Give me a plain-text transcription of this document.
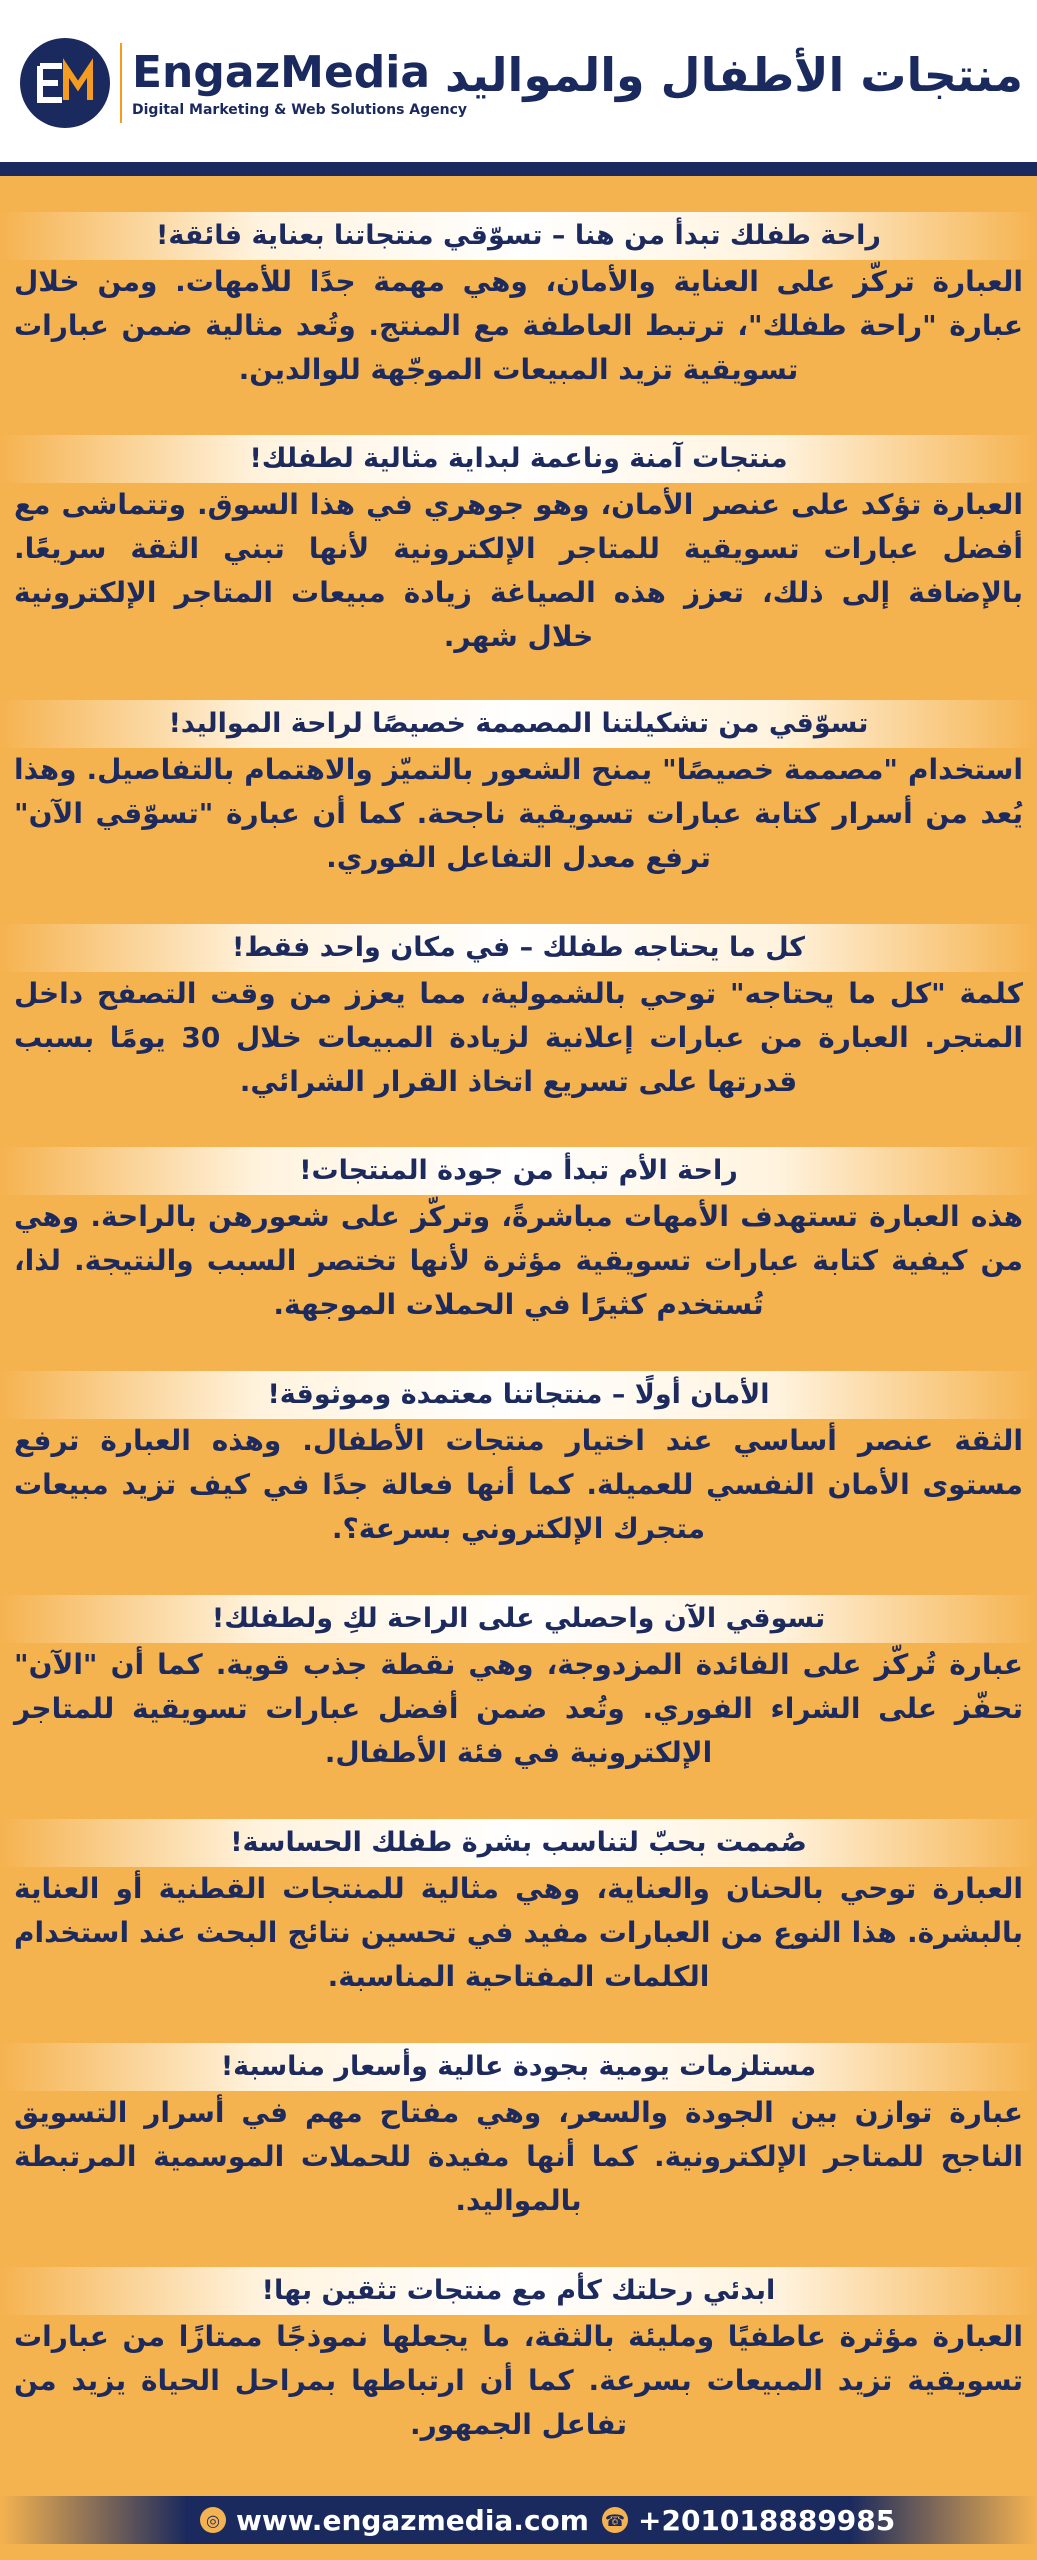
EngazMedia
Digital Marketing & Web Solutions Agency
منتجات الأطفال والمواليد
راحة طفلك تبدأ من هنا – تسوّقي منتجاتنا بعناية فائقة!
العبارة تركّز على العناية والأمان، وهي مهمة جدًا للأمهات. ومن خلال عبارة "راحة طفلك"، ترتبط العاطفة مع المنتج. وتُعد مثالية ضمن عبارات تسويقية تزيد المبيعات الموجّهة للوالدين.
منتجات آمنة وناعمة لبداية مثالية لطفلك!
العبارة تؤكد على عنصر الأمان، وهو جوهري في هذا السوق. وتتماشى مع أفضل عبارات تسويقية للمتاجر الإلكترونية لأنها تبني الثقة سريعًا. بالإضافة إلى ذلك، تعزز هذه الصياغة زيادة مبيعات المتاجر الإلكترونية خلال شهر.
تسوّقي من تشكيلتنا المصممة خصيصًا لراحة المواليد!
استخدام "مصممة خصيصًا" يمنح الشعور بالتميّز والاهتمام بالتفاصيل. وهذا يُعد من أسرار كتابة عبارات تسويقية ناجحة. كما أن عبارة "تسوّقي الآن" ترفع معدل التفاعل الفوري.
كل ما يحتاجه طفلك – في مكان واحد فقط!
كلمة "كل ما يحتاجه" توحي بالشمولية، مما يعزز من وقت التصفح داخل المتجر. العبارة من عبارات إعلانية لزيادة المبيعات خلال 30 يومًا بسبب قدرتها على تسريع اتخاذ القرار الشرائي.
راحة الأم تبدأ من جودة المنتجات!
هذه العبارة تستهدف الأمهات مباشرةً، وتركّز على شعورهن بالراحة. وهي من كيفية كتابة عبارات تسويقية مؤثرة لأنها تختصر السبب والنتيجة. لذا، تُستخدم كثيرًا في الحملات الموجهة.
الأمان أولًا – منتجاتنا معتمدة وموثوقة!
الثقة عنصر أساسي عند اختيار منتجات الأطفال. وهذه العبارة ترفع مستوى الأمان النفسي للعميلة. كما أنها فعالة جدًا في كيف تزيد مبيعات متجرك الإلكتروني بسرعة؟.
تسوقي الآن واحصلي على الراحة لكِ ولطفلك!
عبارة تُركّز على الفائدة المزدوجة، وهي نقطة جذب قوية. كما أن "الآن" تحفّز على الشراء الفوري. وتُعد ضمن أفضل عبارات تسويقية للمتاجر الإلكترونية في فئة الأطفال.
صُممت بحبّ لتناسب بشرة طفلك الحساسة!
العبارة توحي بالحنان والعناية، وهي مثالية للمنتجات القطنية أو العناية بالبشرة. هذا النوع من العبارات مفيد في تحسين نتائج البحث عند استخدام الكلمات المفتاحية المناسبة.
مستلزمات يومية بجودة عالية وأسعار مناسبة!
عبارة توازن بين الجودة والسعر، وهي مفتاح مهم في أسرار التسويق الناجح للمتاجر الإلكترونية. كما أنها مفيدة للحملات الموسمية المرتبطة بالمواليد.
ابدئي رحلتك كأم مع منتجات تثقين بها!
العبارة مؤثرة عاطفيًا ومليئة بالثقة، ما يجعلها نموذجًا ممتازًا من عبارات تسويقية تزيد المبيعات بسرعة. كما أن ارتباطها بمراحل الحياة يزيد من تفاعل الجمهور.
◎ www.engazmedia.com ☎ +201018889985
